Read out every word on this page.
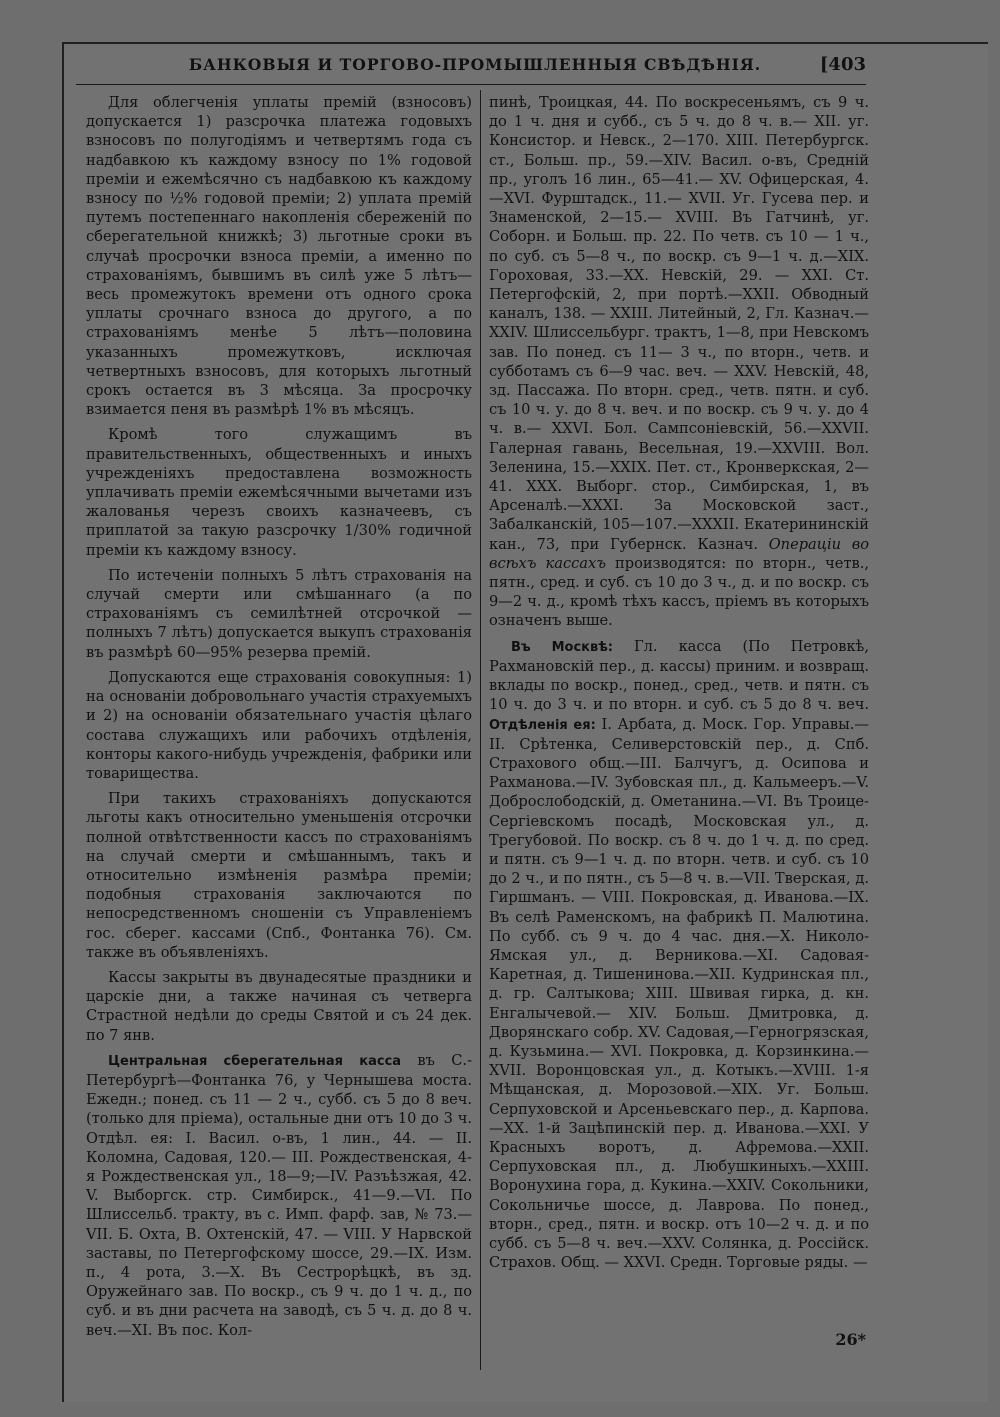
БАНКОВЫЯ И ТОРГОВО-ПРОМЫШЛЕННЫЯ СВѢДѢНІЯ.	[403

Для облегченія уплаты премій (взносовъ) допускается 1) разсрочка платежа годовыхъ взносовъ по полугодіямъ и четвертямъ года съ надбавкою къ каждому взносу по 1% годовой преміи и ежемѣсячно съ надбавкою къ каждому взносу по ½% годовой преміи; 2) уплата премій путемъ постепеннаго накопленія сбереженій по сберегательной книжкѣ; 3) льготные сроки въ случаѣ просрочки взноса преміи, а именно по страхованіямъ, бывшимъ въ силѣ уже 5 лѣтъ—весь промежутокъ времени отъ одного срока уплаты срочнаго взноса до другого, а по страхованіямъ менѣе 5 лѣтъ—половина указанныхъ промежутковъ, исключая четвертныхъ взносовъ, для которыхъ льготный срокъ остается въ 3 мѣсяца. За просрочку взимается пеня въ размѣрѣ 1% въ мѣсяцъ.

Кромѣ того служащимъ въ правительственныхъ, общественныхъ и иныхъ учрежденіяхъ предоставлена возможность уплачивать преміи ежемѣсячными вычетами изъ жалованья черезъ своихъ казначеевъ, съ приплатой за такую разсрочку 1/30% годичной преміи къ каждому взносу.

По истеченіи полныхъ 5 лѣтъ страхованія на случай смерти или смѣшаннаго (а по страхованіямъ съ семилѣтней отсрочкой — полныхъ 7 лѣтъ) допускается выкупъ страхованія въ размѣрѣ 60—95% резерва премій.

Допускаются еще страхованія совокупныя: 1) на основаніи добровольнаго участія страхуемыхъ и 2) на основаніи обязательнаго участія цѣлаго состава служащихъ или рабочихъ отдѣленія, конторы какого-нибудь учрежденія, фабрики или товарищества.

При такихъ страхованіяхъ допускаются льготы какъ относительно уменьшенія отсрочки полной отвѣтственности кассъ по страхованіямъ на случай смерти и смѣшаннымъ, такъ и относительно измѣненія размѣра преміи; подобныя страхованія заключаются по непосредственномъ сношеніи съ Управленіемъ гос. сберег. кассами (Спб., Фонтанка 76). См. также въ объявленіяхъ.

Кассы закрыты въ двунадесятые праздники и царскіе дни, а также начиная съ четверга Страстной недѣли до среды Святой и съ 24 дек. по 7 янв.

Центральная сберегательная касса въ С.-Петербургѣ—Фонтанка 76, у Чернышева моста. Ежедн.; понед. съ 11 — 2 ч., субб. съ 5 до 8 веч. (только для пріема), остальные дни отъ 10 до 3 ч. Отдѣл. ея: I. Васил. о-въ, 1 лин., 44. — II. Коломна, Садовая, 120.— III. Рождественская, 4-я Рождественская ул., 18—9;—IV. Разъѣзжая, 42. V. Выборгск. стр. Симбирск., 41—9.—VI. По Шлиссельб. тракту, въ с. Имп. фарф. зав, № 73.—VII. Б. Охта, В. Охтенскій, 47. — VIII. У Нарвской заставы, по Петергофскому шоссе, 29.—IX. Изм. п., 4 рота, 3.—X. Въ Сестрорѣцкѣ, въ зд. Оружейнаго зав. По воскр., съ 9 ч. до 1 ч. д., по суб. и въ дни расчета на заводѣ, съ 5 ч. д. до 8 ч. веч.—XI. Въ пос. Кол-

пинѣ, Троицкая, 44. По воскресеньямъ, съ 9 ч. до 1 ч. дня и субб., съ 5 ч. до 8 ч. в.— XII. уг. Консистор. и Невск., 2—170. XIII. Петербургск. ст., Больш. пр., 59.—XIV. Васил. о-въ, Средній пр., уголъ 16 лин., 65—41.— XV. Офицерская, 4.—XVI. Фурштадск., 11.— XVII. Уг. Гусева пер. и Знаменской, 2—15.— XVIII. Въ Гатчинѣ, уг. Соборн. и Больш. пр. 22. По четв. съ 10 — 1 ч., по суб. съ 5—8 ч., по воскр. съ 9—1 ч. д.—XIX. Гороховая, 33.—XX. Невскій, 29. — XXI. Ст. Петергофскій, 2, при портѣ.—XXII. Обводный каналъ, 138. — XXIII. Литейный, 2, Гл. Казнач.—XXIV. Шлиссельбург. трактъ, 1—8, при Невскомъ зав. По понед. съ 11— 3 ч., по вторн., четв. и субботамъ съ 6—9 час. веч. — XXV. Невскій, 48, зд. Пассажа. По вторн. сред., четв. пятн. и суб. съ 10 ч. у. до 8 ч. веч. и по воскр. съ 9 ч. у. до 4 ч. в.— XXVI. Бол. Сампсоніевскій, 56.—XXVII. Галерная гавань, Весельная, 19.—XXVIII. Вол. Зеленина, 15.—XXIX. Пет. ст., Кронверкская, 2—41. XXX. Выборг. стор., Симбирская, 1, въ Арсеналѣ.—XXXI. За Московской заст., Забалканскій, 105—107.—XXXII. Екатерининскій кан., 73, при Губернск. Казнач. Операціи во всѣхъ кассахъ производятся: по вторн., четв., пятн., сред. и суб. съ 10 до 3 ч., д. и по воскр. съ 9—2 ч. д., кромѣ тѣхъ кассъ, пріемъ въ которыхъ означенъ выше.

Въ Москвѣ: Гл. касса (По Петровкѣ, Рахмановскій пер., д. кассы) приним. и возвращ. вклады по воскр., понед., сред., четв. и пятн. съ 10 ч. до 3 ч. и по вторн. и суб. съ 5 до 8 ч. веч. Отдѣленія ея: I. Арбата, д. Моск. Гор. Управы.—II. Срѣтенка, Селиверстовскій пер., д. Спб. Страхового общ.—III. Балчугъ, д. Осипова и Рахманова.—IV. Зубовская пл., д. Кальмееръ.—V. Доброслободскій, д. Ометанина.—VI. Въ Троице-Сергіевскомъ посадѣ, Московская ул., д. Трегубовой. По воскр. съ 8 ч. до 1 ч. д. по сред. и пятн. съ 9—1 ч. д. по вторн. четв. и суб. съ 10 до 2 ч., и по пятн., съ 5—8 ч. в.—VII. Тверская, д. Гиршманъ. — VIII. Покровская, д. Иванова.—IX. Въ селѣ Раменскомъ, на фабрикѣ П. Малютина. По субб. съ 9 ч. до 4 час. дня.—X. Николо-Ямская ул., д. Верникова.—XI. Садовая-Каретная, д. Тишенинова.—XII. Кудринская пл., д. гр. Салтыкова; XIII. Швивая гирка, д. кн. Енгалычевой.— XIV. Больш. Дмитровка, д. Дворянскаго собр. XV. Садовая,—Герногрязская, д. Кузьмина.— XVI. Покровка, д. Корзинкина.—XVII. Воронцовская ул., д. Котыкъ.—XVIII. 1-я Мѣщанская, д. Морозовой.—XIX. Уг. Больш. Серпуховской и Арсеньевскаго пер., д. Карпова.—XX. 1-й Зацѣпинскій пер. д. Иванова.—XXI. У Красныхъ воротъ, д. Афремова.—XXII. Серпуховская пл., д. Любушкиныхъ.—XXIII. Воронухина гора, д. Кукина.—XXIV. Сокольники, Сокольничье шоссе, д. Лаврова. По понед., вторн., сред., пятн. и воскр. отъ 10—2 ч. д. и по субб. съ 5—8 ч. веч.—XXV. Солянка, д. Россійск. Страхов. Общ. — XXVI. Средн. Торговые ряды. —

26*
